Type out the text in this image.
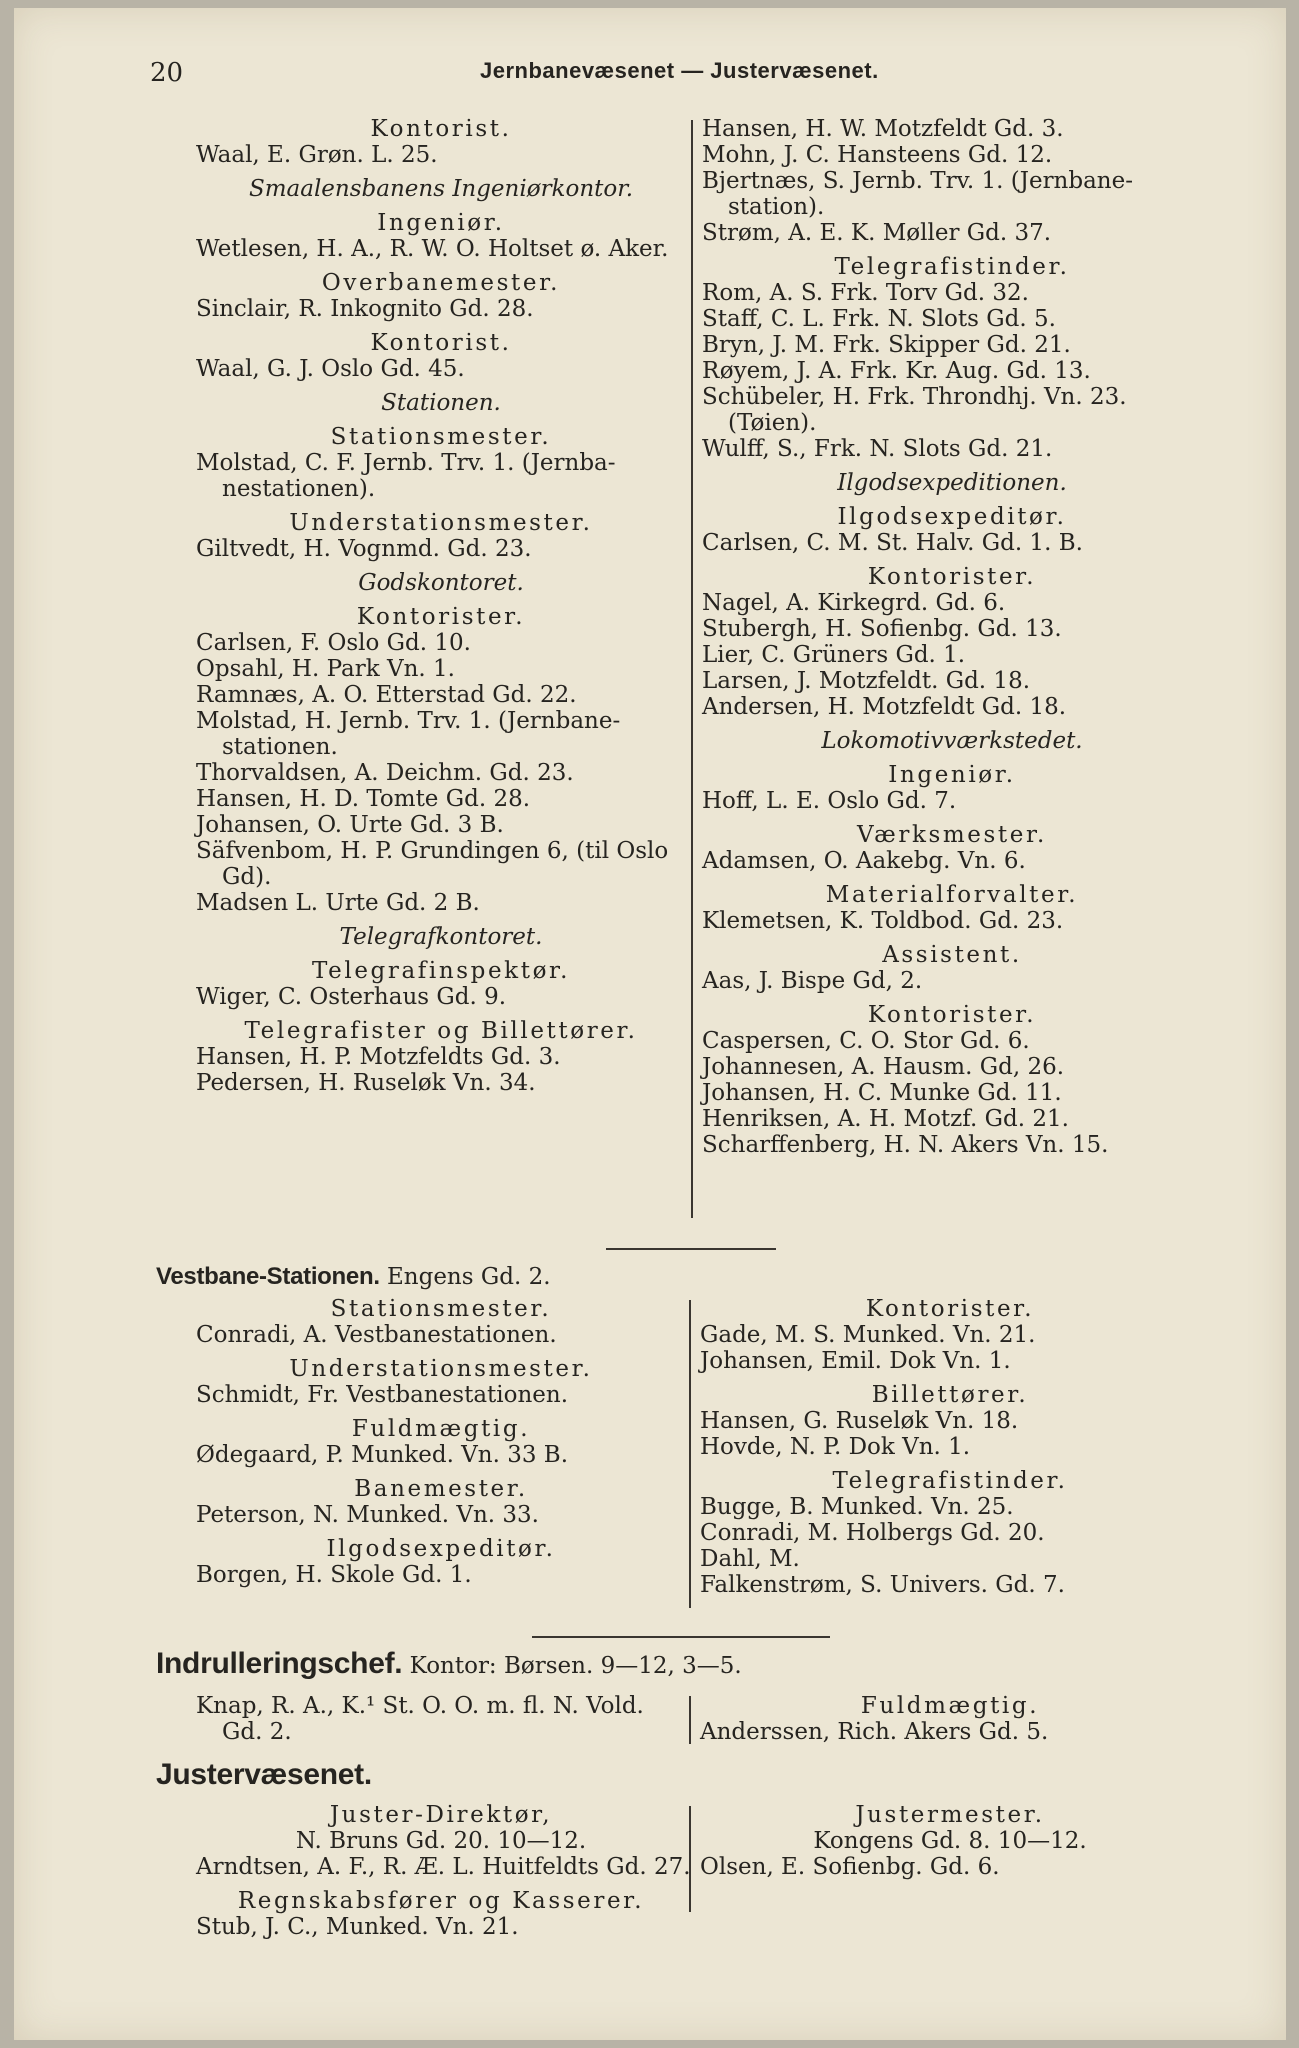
20	Jernbanevæsenet — Justervæsenet.
Kontorist.
Waal, E. Grøn. L. 25.
Smaalensbanens Ingeniørkontor.
Ingeniør.
Wetlesen, H. A., R. W. O. Holtset ø. Aker.
Overbanemester.
Sinclair, R. Inkognito Gd. 28.
Kontorist.
Waal, G. J. Oslo Gd. 45.
Stationen.
Stationsmester.
Molstad, C. F. Jernb. Trv. 1. (Jernba-
nestationen).
Understationsmester.
Giltvedt, H. Vognmd. Gd. 23.
Godskontoret.
Kontorister.
Carlsen, F. Oslo Gd. 10.
Opsahl, H. Park Vn. 1.
Ramnæs, A. O. Etterstad Gd. 22.
Molstad, H. Jernb. Trv. 1. (Jernbane-
stationen.
Thorvaldsen, A. Deichm. Gd. 23.
Hansen, H. D. Tomte Gd. 28.
Johansen, O. Urte Gd. 3 B.
Säfvenbom, H. P. Grundingen 6, (til Oslo
Gd).
Madsen L. Urte Gd. 2 B.
Telegrafkontoret.
Telegrafinspektør.
Wiger, C. Osterhaus Gd. 9.
Telegrafister og Billettører.
Hansen, H. P. Motzfeldts Gd. 3.
Pedersen, H. Ruseløk Vn. 34.
Hansen, H. W. Motzfeldt Gd. 3.
Mohn, J. C. Hansteens Gd. 12.
Bjertnæs, S. Jernb. Trv. 1. (Jernbane-
station).
Strøm, A. E. K. Møller Gd. 37.
Telegrafistinder.
Rom, A. S. Frk. Torv Gd. 32.
Staff, C. L. Frk. N. Slots Gd. 5.
Bryn, J. M. Frk. Skipper Gd. 21.
Røyem, J. A. Frk. Kr. Aug. Gd. 13.
Schübeler, H. Frk. Throndhj. Vn. 23.
(Tøien).
Wulff, S., Frk. N. Slots Gd. 21.
Ilgodsexpeditionen.
Ilgodsexpeditør.
Carlsen, C. M. St. Halv. Gd. 1. B.
Kontorister.
Nagel, A. Kirkegrd. Gd. 6.
Stubergh, H. Sofienbg. Gd. 13.
Lier, C. Grüners Gd. 1.
Larsen, J. Motzfeldt. Gd. 18.
Andersen, H. Motzfeldt Gd. 18.
Lokomotivværkstedet.
Ingeniør.
Hoff, L. E. Oslo Gd. 7.
Værksmester.
Adamsen, O. Aakebg. Vn. 6.
Materialforvalter.
Klemetsen, K. Toldbod. Gd. 23.
Assistent.
Aas, J. Bispe Gd, 2.
Kontorister.
Caspersen, C. O. Stor Gd. 6.
Johannesen, A. Hausm. Gd, 26.
Johansen, H. C. Munke Gd. 11.
Henriksen, A. H. Motzf. Gd. 21.
Scharffenberg, H. N. Akers Vn. 15.
Vestbane-Stationen. Engens Gd. 2.
Stationsmester.
Conradi, A. Vestbanestationen.
Understationsmester.
Schmidt, Fr. Vestbanestationen.
Fuldmægtig.
Ødegaard, P. Munked. Vn. 33 B.
Banemester.
Peterson, N. Munked. Vn. 33.
Ilgodsexpeditør.
Borgen, H. Skole Gd. 1.
Kontorister.
Gade, M. S. Munked. Vn. 21.
Johansen, Emil. Dok Vn. 1.
Billettører.
Hansen, G. Ruseløk Vn. 18.
Hovde, N. P. Dok Vn. 1.
Telegrafistinder.
Bugge, B. Munked. Vn. 25.
Conradi, M. Holbergs Gd. 20.
Dahl, M.
Falkenstrøm, S. Univers. Gd. 7.
Indrulleringschef. Kontor: Børsen. 9—12, 3—5.
Knap, R. A., K.¹ St. O. O. m. fl. N. Vold.
Gd. 2.
Fuldmægtig.
Anderssen, Rich. Akers Gd. 5.
Justervæsenet.
Juster-Direktør,
N. Bruns Gd. 20. 10—12.
Arndtsen, A. F., R. Æ. L. Huitfeldts Gd. 27.
Regnskabsfører og Kasserer.
Stub, J. C., Munked. Vn. 21.
Justermester.
Kongens Gd. 8. 10—12.
Olsen, E. Sofienbg. Gd. 6.
